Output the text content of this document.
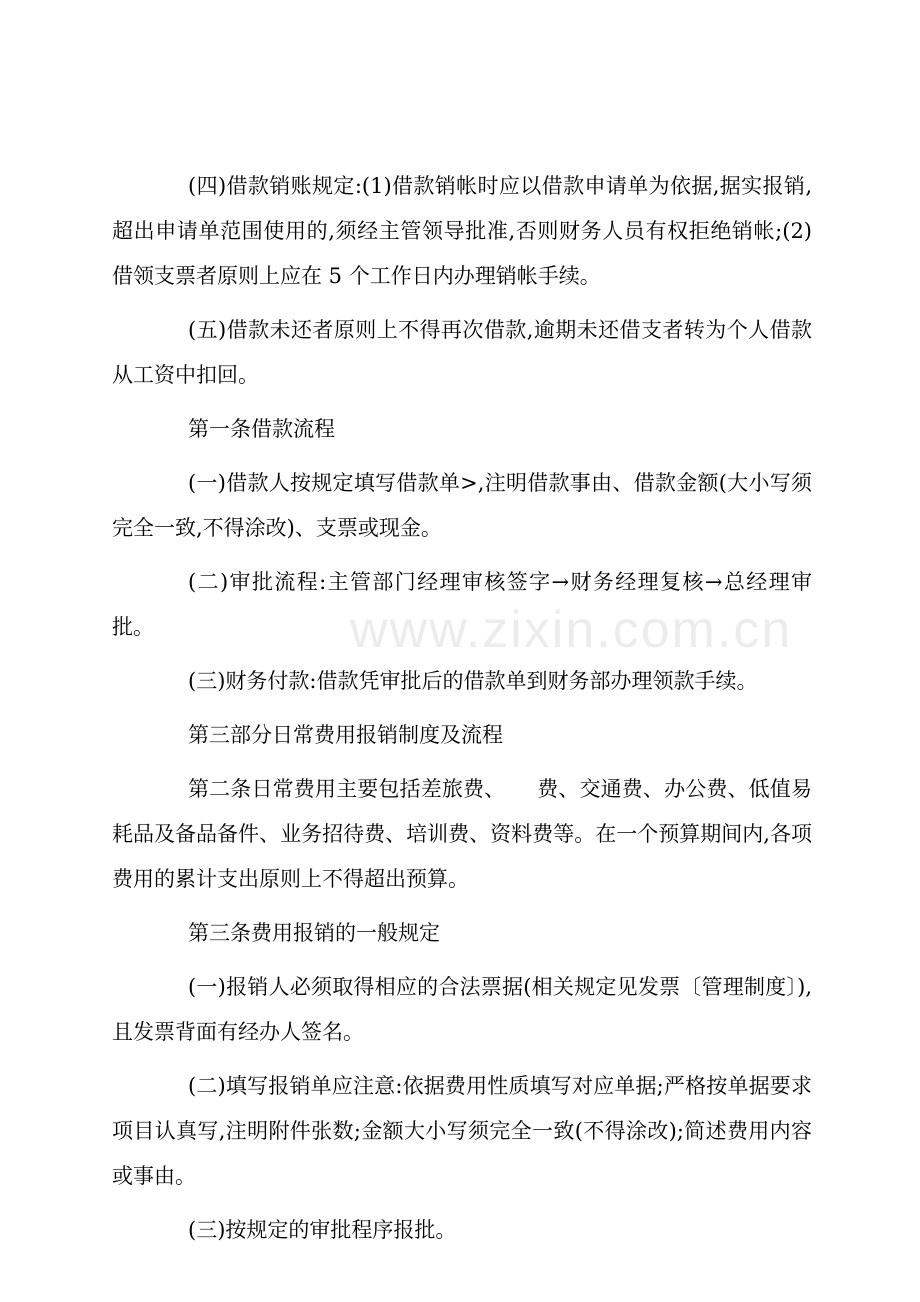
(四)借款销账规定:(1)借款销帐时应以借款申请单为依据,据实报销,超出申请单范围使用的,须经主管领导批准,否则财务人员有权拒绝销帐;(2)借领支票者原则上应在 5 个工作日内办理销帐手续。

(五)借款未还者原则上不得再次借款,逾期未还借支者转为个人借款从工资中扣回。

第一条借款流程

(一)借款人按规定填写借款单>,注明借款事由、借款金额(大小写须完全一致,不得涂改)、支票或现金。

(二)审批流程:主管部门经理审核签字→财务经理复核→总经理审批。

(三)财务付款:借款凭审批后的借款单到财务部办理领款手续。

第三部分日常费用报销制度及流程

第二条日常费用主要包括差旅费、　　费、交通费、办公费、低值易耗品及备品备件、业务招待费、培训费、资料费等。在一个预算期间内,各项费用的累计支出原则上不得超出预算。

第三条费用报销的一般规定

(一)报销人必须取得相应的合法票据(相关规定见发票〔管理制度〕),且发票背面有经办人签名。

(二)填写报销单应注意:依据费用性质填写对应单据;严格按单据要求项目认真写,注明附件张数;金额大小写须完全一致(不得涂改);简述费用内容或事由。

(三)按规定的审批程序报批。

www.zixin.com.cn
